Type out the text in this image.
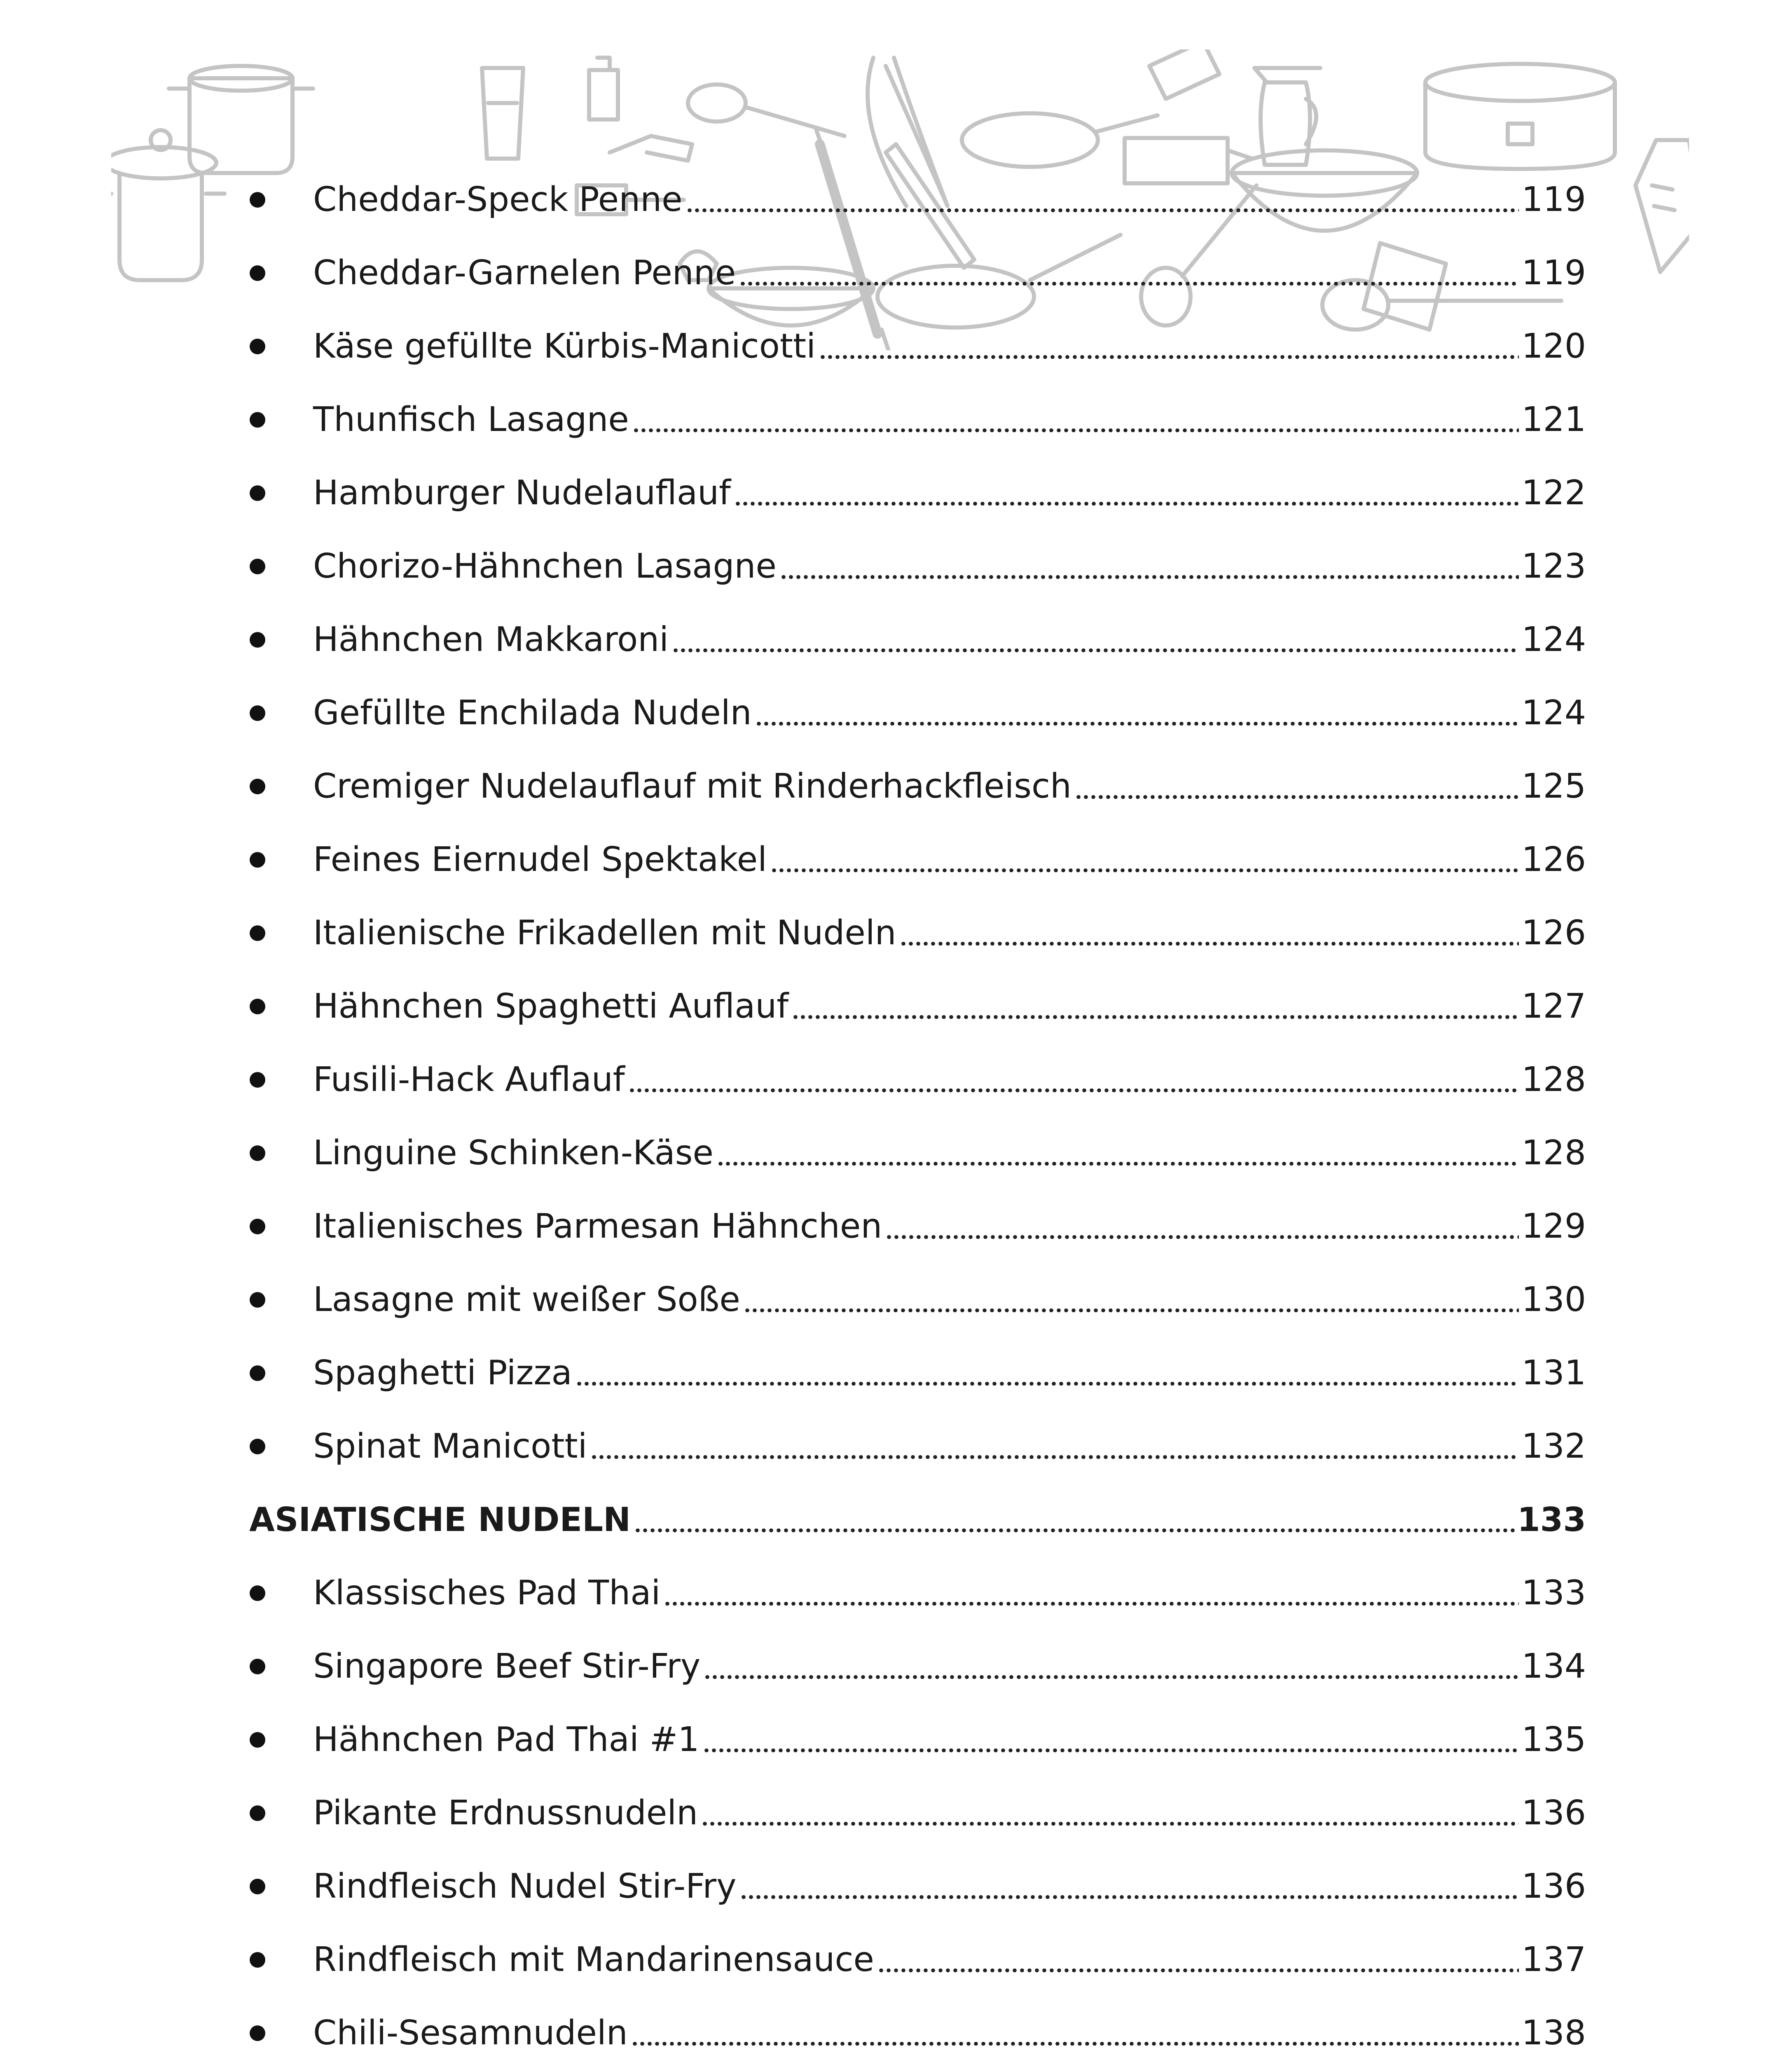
Cheddar-Speck Penne	119
Cheddar-Garnelen Penne	119
Käse gefüllte Kürbis-Manicotti	120
Thunfisch Lasagne	121
Hamburger Nudelauflauf	122
Chorizo-Hähnchen Lasagne	123
Hähnchen Makkaroni	124
Gefüllte Enchilada Nudeln	124
Cremiger Nudelauflauf mit Rinderhackfleisch	125
Feines Eiernudel Spektakel	126
Italienische Frikadellen mit Nudeln	126
Hähnchen Spaghetti Auflauf	127
Fusili-Hack Auflauf	128
Linguine Schinken-Käse	128
Italienisches Parmesan Hähnchen	129
Lasagne mit weißer Soße	130
Spaghetti Pizza	131
Spinat Manicotti	132
ASIATISCHE NUDELN	133
Klassisches Pad Thai	133
Singapore Beef Stir-Fry	134
Hähnchen Pad Thai #1	135
Pikante Erdnussnudeln	136
Rindfleisch Nudel Stir-Fry	136
Rindfleisch mit Mandarinensauce	137
Chili-Sesamnudeln	138
